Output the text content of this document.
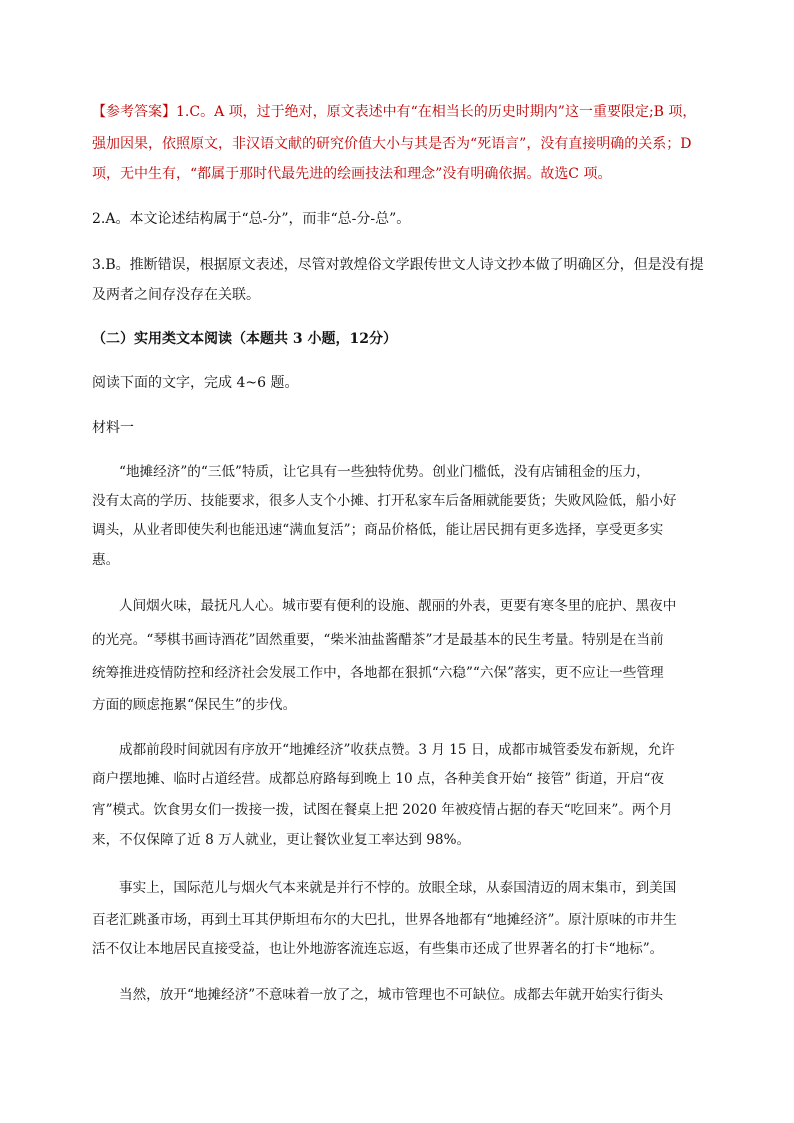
【参考答案】1.C。A 项，过于绝对，原文表述中有“在相当长的历史时期内”这一重要限定;B 项，
强加因果，依照原文，非汉语文献的研究价值大小与其是否为“死语言”，没有直接明确的关系；D
项，无中生有，“都属于那时代最先进的绘画技法和理念”没有明确依据。故选C 项。
2.A。本文论述结构属于“总-分”，而非“总-分-总”。
3.B。推断错误，根据原文表述，尽管对敦煌俗文学跟传世文人诗文抄本做了明确区分，但是没有提
及两者之间存没存在关联。
（二）实用类文本阅读（本题共 3 小题，12分）
阅读下面的文字，完成 4~6 题。
材料一
“地摊经济”的“三低”特质，让它具有一些独特优势。创业门槛低，没有店铺租金的压力，
没有太高的学历、技能要求，很多人支个小摊、打开私家车后备厢就能要货；失败风险低，船小好
调头，从业者即使失利也能迅速“满血复活”；商品价格低，能让居民拥有更多选择，享受更多实
惠。
人间烟火味，最抚凡人心。城市要有便利的设施、靓丽的外表，更要有寒冬里的庇护、黑夜中
的光亮。“琴棋书画诗酒花”固然重要，“柴米油盐酱醋茶”才是最基本的民生考量。特别是在当前
统筹推进疫情防控和经济社会发展工作中，各地都在狠抓“六稳”“六保”落实，更不应让一些管理
方面的顾虑拖累“保民生”的步伐。
成都前段时间就因有序放开“地摊经济”收获点赞。3 月 15 日，成都市城管委发布新规，允许
商户摆地摊、临时占道经营。成都总府路每到晚上 10 点，各种美食开始“ 接管” 街道，开启“夜
宵”模式。饮食男女们一拨接一拨，试图在餐桌上把 2020 年被疫情占据的春天“吃回来”。两个月
来，不仅保障了近 8 万人就业，更让餐饮业复工率达到 98%。
事实上，国际范儿与烟火气本来就是并行不悖的。放眼全球，从泰国清迈的周末集市，到美国
百老汇跳蚤市场，再到土耳其伊斯坦布尔的大巴扎，世界各地都有“地摊经济”。原汁原味的市井生
活不仅让本地居民直接受益，也让外地游客流连忘返，有些集市还成了世界著名的打卡“地标”。
当然，放开“地摊经济”不意味着一放了之，城市管理也不可缺位。成都去年就开始实行街头
